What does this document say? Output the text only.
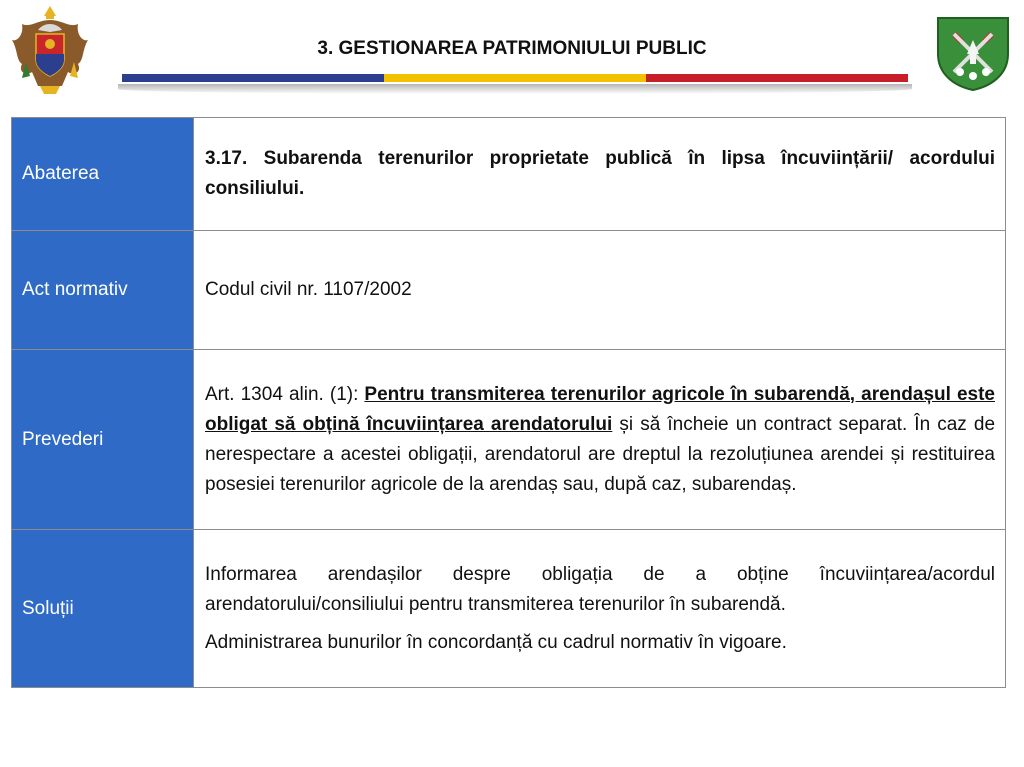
3. GESTIONAREA PATRIMONIULUI PUBLIC
Abaterea	3.17. Subarenda terenurilor proprietate publică în lipsa încuviințării/ acordului consiliului.
Act normativ	Codul civil nr. 1107/2002
Prevederi	Art. 1304 alin. (1): Pentru transmiterea terenurilor agricole în subarendă, arendașul este obligat să obțină încuviințarea arendatorului și să încheie un contract separat. În caz de nerespectare a acestei obligații, arendatorul are dreptul la rezoluțiunea arendei și restituirea posesiei terenurilor agricole de la arendaș sau, după caz, subarendaș.
Soluții	Informarea arendașilor despre obligația de a obține încuviințarea/acordul arendatorului/consiliului pentru transmiterea terenurilor în subarendă.

Administrarea bunurilor în concordanță cu cadrul normativ în vigoare.
